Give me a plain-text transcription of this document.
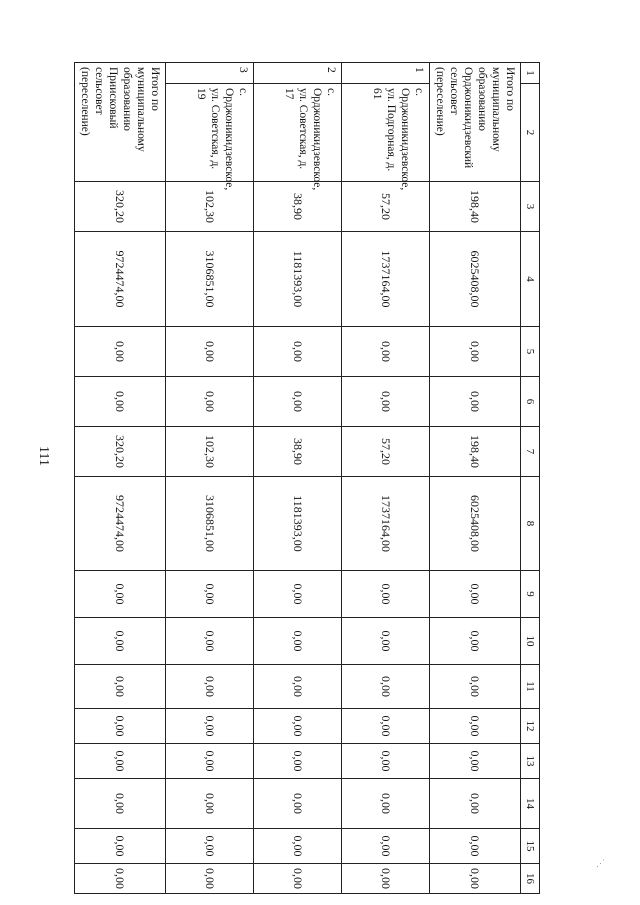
111
1	2	3	4	5	6	7	8	9	10	11	12	13	14	15	16
Итого по муниципальному образованию Орджоникидзевский сельсовет (переселение)		198,40	6025408,00	0,00	0,00	198,40	6025408,00	0,00	0,00	0,00	0,00	0,00	0,00	0,00	0,00
1	с. Орджоникидзевское, ул. Подгорная, д. 61	57,20	1737164,00	0,00	0,00	57,20	1737164,00	0,00	0,00	0,00	0,00	0,00	0,00	0,00	0,00
2	с. Орджоникидзевское, ул. Советская, д. 17	38,90	1181393,00	0,00	0,00	38,90	1181393,00	0,00	0,00	0,00	0,00	0,00	0,00	0,00	0,00
3	с. Орджоникидзевское, ул. Советская, д. 19	102,30	3106851,00	0,00	0,00	102,30	3106851,00	0,00	0,00	0,00	0,00	0,00	0,00	0,00	0,00
Итого по муниципальному образованию Приисковый сельсовет (переселение)		320,20	9724474,00	0,00	0,00	320,20	9724474,00	0,00	0,00	0,00	0,00	0,00	0,00	0,00	0,00
⋰
